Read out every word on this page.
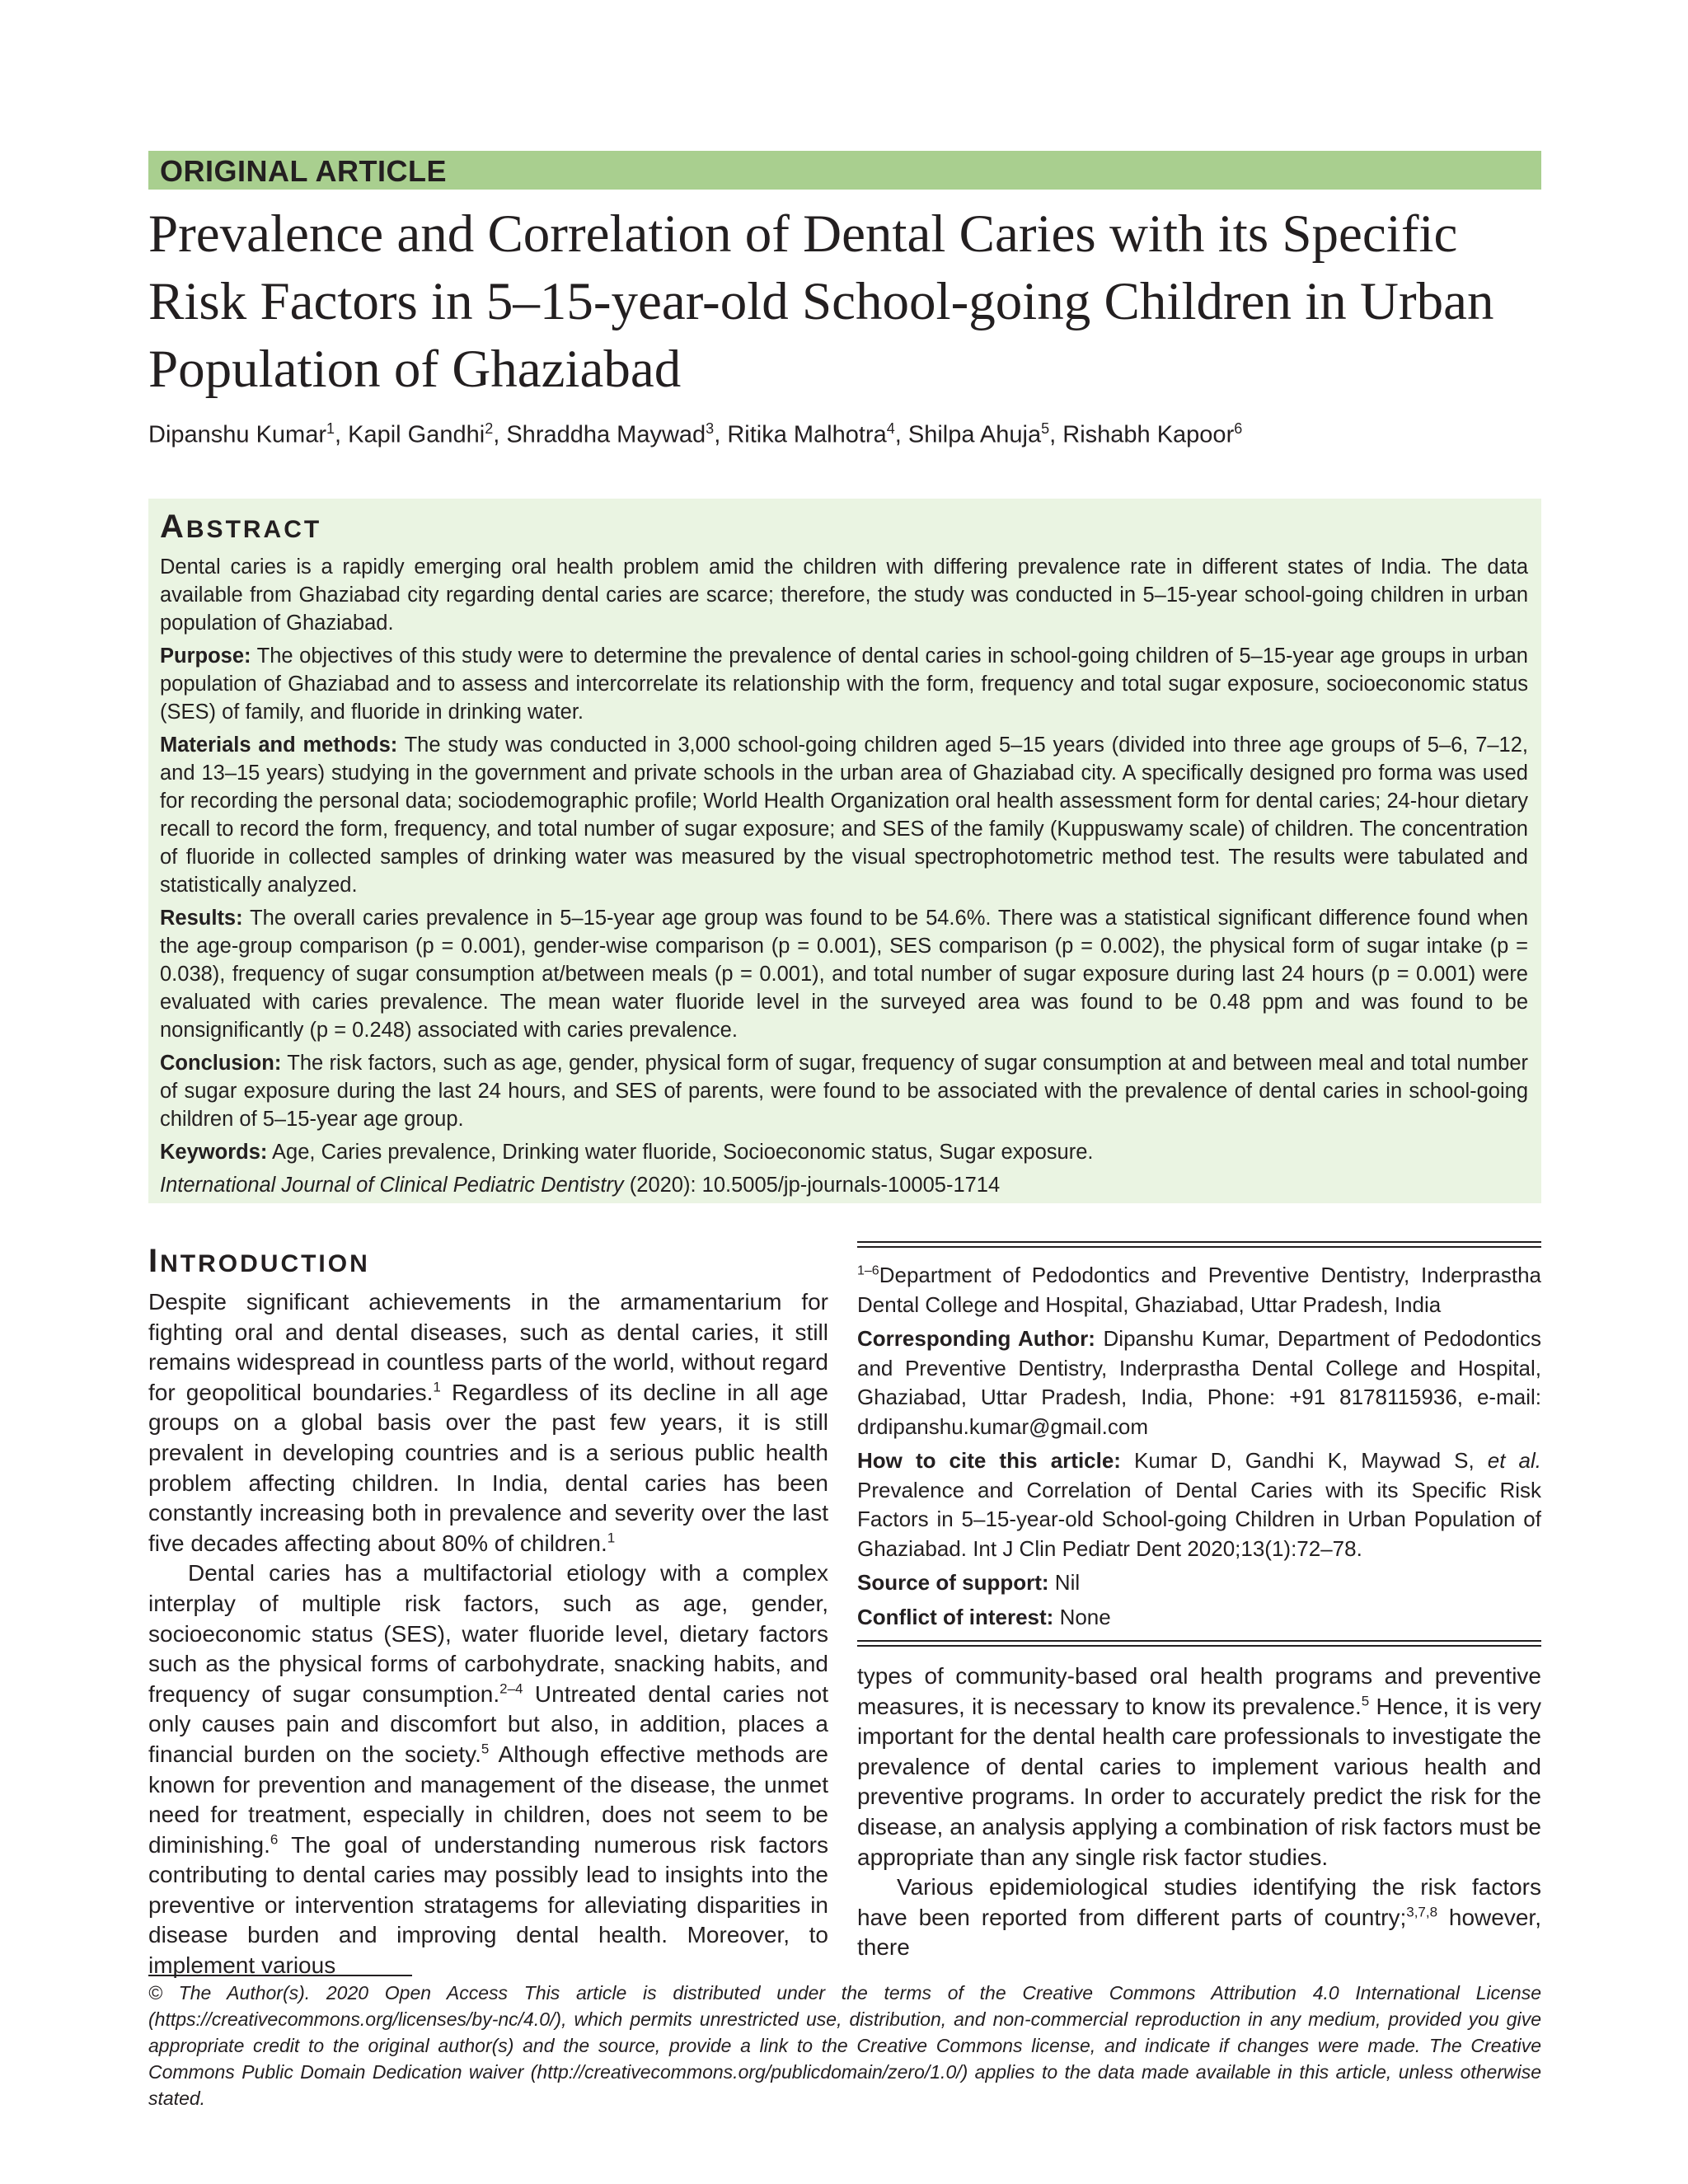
ORIGINAL ARTICLE
Prevalence and Correlation of Dental Caries with its Specific Risk Factors in 5–15-year-old School-going Children in Urban Population of Ghaziabad
Dipanshu Kumar$^1$, Kapil Gandhi$^2$, Shraddha Maywad$^3$, Ritika Malhotra$^4$, Shilpa Ahuja$^5$, Rishabh Kapoor$^6$
ABSTRACT

Dental caries is a rapidly emerging oral health problem amid the children with differing prevalence rate in different states of India. The data available from Ghaziabad city regarding dental caries are scarce; therefore, the study was conducted in 5–15-year school-going children in urban population of Ghaziabad.

Purpose: The objectives of this study were to determine the prevalence of dental caries in school-going children of 5–15-year age groups in urban population of Ghaziabad and to assess and intercorrelate its relationship with the form, frequency and total sugar exposure, socioeconomic status (SES) of family, and fluoride in drinking water.

Materials and methods: The study was conducted in 3,000 school-going children aged 5–15 years (divided into three age groups of 5–6, 7–12, and 13–15 years) studying in the government and private schools in the urban area of Ghaziabad city. A specifically designed pro forma was used for recording the personal data; sociodemographic profile; World Health Organization oral health assessment form for dental caries; 24-hour dietary recall to record the form, frequency, and total number of sugar exposure; and SES of the family (Kuppuswamy scale) of children. The concentration of fluoride in collected samples of drinking water was measured by the visual spectrophotometric method test. The results were tabulated and statistically analyzed.

Results: The overall caries prevalence in 5–15-year age group was found to be 54.6%. There was a statistical significant difference found when the age-group comparison (p = 0.001), gender-wise comparison (p = 0.001), SES comparison (p = 0.002), the physical form of sugar intake (p = 0.038), frequency of sugar consumption at/between meals (p = 0.001), and total number of sugar exposure during last 24 hours (p = 0.001) were evaluated with caries prevalence. The mean water fluoride level in the surveyed area was found to be 0.48 ppm and was found to be nonsignificantly (p = 0.248) associated with caries prevalence.

Conclusion: The risk factors, such as age, gender, physical form of sugar, frequency of sugar consumption at and between meal and total number of sugar exposure during the last 24 hours, and SES of parents, were found to be associated with the prevalence of dental caries in school-going children of 5–15-year age group.

Keywords: Age, Caries prevalence, Drinking water fluoride, Socioeconomic status, Sugar exposure.

International Journal of Clinical Pediatric Dentistry (2020): 10.5005/jp-journals-10005-1714

INTRODUCTION

Despite significant achievements in the armamentarium for fighting oral and dental diseases, such as dental caries, it still remains widespread in countless parts of the world, without regard for geopolitical boundaries.$^1$ Regardless of its decline in all age groups on a global basis over the past few years, it is still prevalent in developing countries and is a serious public health problem affecting children. In India, dental caries has been constantly increasing both in prevalence and severity over the last five decades affecting about 80% of children.$^1$

Dental caries has a multifactorial etiology with a complex interplay of multiple risk factors, such as age, gender, socioeconomic status (SES), water fluoride level, dietary factors such as the physical forms of carbohydrate, snacking habits, and frequency of sugar consumption.$^{2-4}$ Untreated dental caries not only causes pain and discomfort but also, in addition, places a financial burden on the society.$^5$ Although effective methods are known for prevention and management of the disease, the unmet need for treatment, especially in children, does not seem to be diminishing.$^6$ The goal of understanding numerous risk factors contributing to dental caries may possibly lead to insights into the preventive or intervention stratagems for alleviating disparities in disease burden and improving dental health. Moreover, to implement various

$^{1-6}$Department of Pedodontics and Preventive Dentistry, Inderprastha Dental College and Hospital, Ghaziabad, Uttar Pradesh, India

Corresponding Author: Dipanshu Kumar, Department of Pedodontics and Preventive Dentistry, Inderprastha Dental College and Hospital, Ghaziabad, Uttar Pradesh, India, Phone: +91 8178115936, e-mail: drdipanshu.kumar@gmail.com

How to cite this article: Kumar D, Gandhi K, Maywad S, et al. Prevalence and Correlation of Dental Caries with its Specific Risk Factors in 5–15-year-old School-going Children in Urban Population of Ghaziabad. Int J Clin Pediatr Dent 2020;13(1):72–78.

Source of support: Nil

Conflict of interest: None

types of community-based oral health programs and preventive measures, it is necessary to know its prevalence.$^5$ Hence, it is very important for the dental health care professionals to investigate the prevalence of dental caries to implement various health and preventive programs. In order to accurately predict the risk for the disease, an analysis applying a combination of risk factors must be appropriate than any single risk factor studies.

Various epidemiological studies identifying the risk factors have been reported from different parts of country;$^{3,7,8}$ however, there

© The Author(s). 2020 Open Access This article is distributed under the terms of the Creative Commons Attribution 4.0 International License (https://creativecommons.org/licenses/by-nc/4.0/), which permits unrestricted use, distribution, and non-commercial reproduction in any medium, provided you give appropriate credit to the original author(s) and the source, provide a link to the Creative Commons license, and indicate if changes were made. The Creative Commons Public Domain Dedication waiver (http://creativecommons.org/publicdomain/zero/1.0/) applies to the data made available in this article, unless otherwise stated.
